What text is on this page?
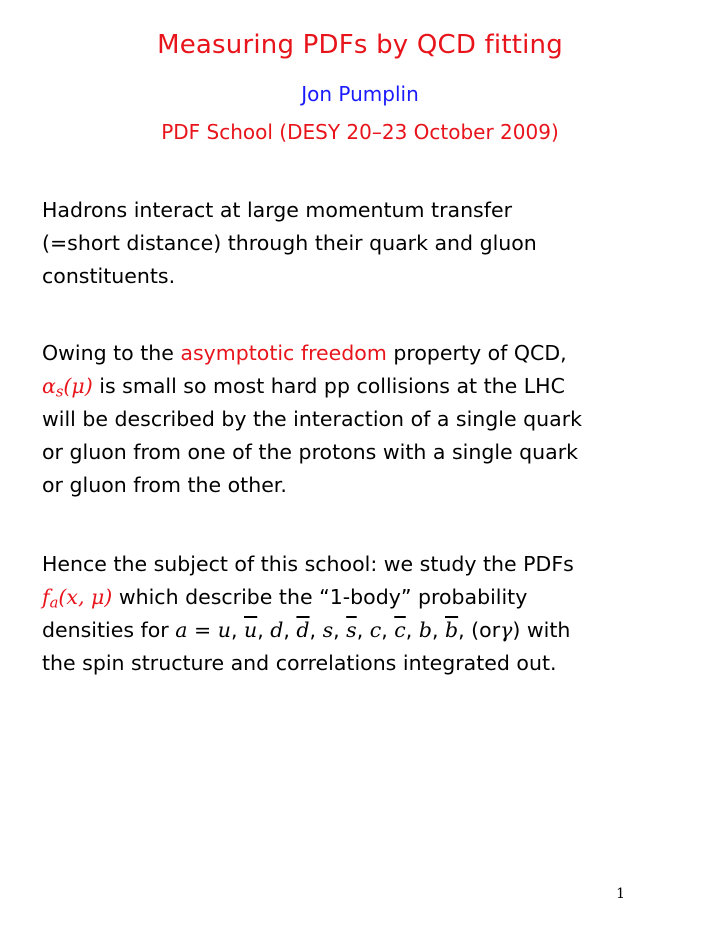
Measuring PDFs by QCD fitting
Jon Pumplin
PDF School (DESY 20–23 October 2009)

Hadrons interact at large momentum transfer
(=short distance) through their quark and gluon
constituents.

Owing to the asymptotic freedom property of QCD,
$\alpha_s(\mu)$ is small so most hard pp collisions at the LHC
will be described by the interaction of a single quark
or gluon from one of the protons with a single quark
or gluon from the other.

Hence the subject of this school: we study the PDFs
$f_a(x$, μ) which describe the “1-body” probability
densities for a = u, $\overline{u}$, d, $\overline{d}$, s, $\overline{s}$, c, $\overline{c}$, b, $\overline{b}$, (orγ) with
the spin structure and correlations integrated out.

1
